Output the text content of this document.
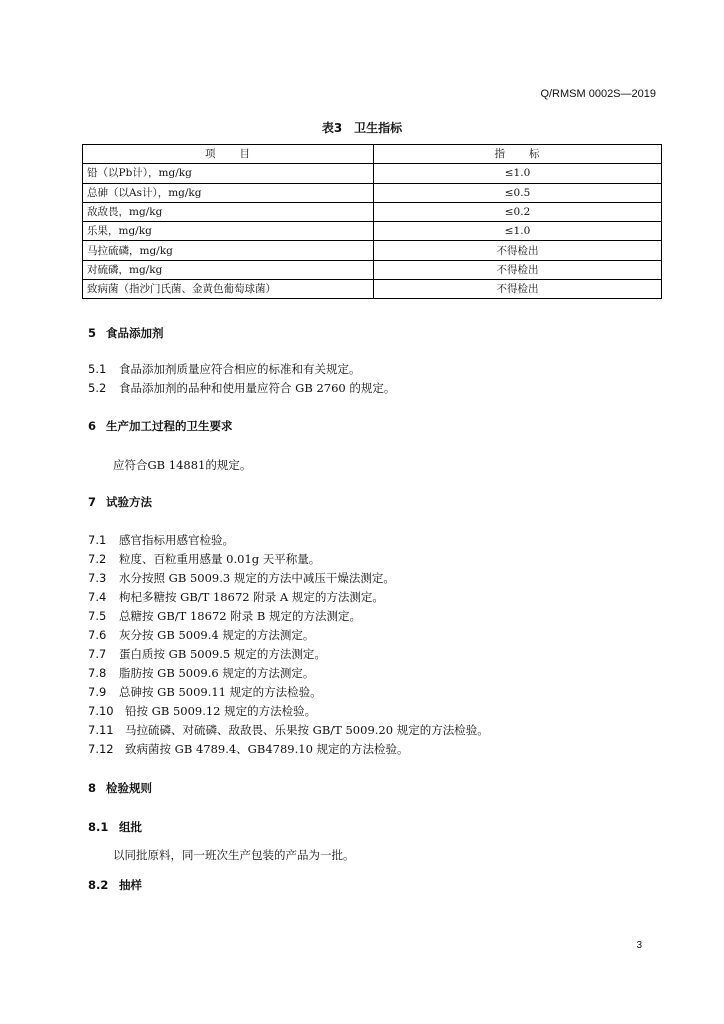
Q/RMSM 0002S—2019
表3　卫生指标
项　　目	指　　标
铅（以Pb计），mg/kg	≤1.0
总砷（以As计），mg/kg	≤0.5
敌敌畏，mg/kg	≤0.2
乐果，mg/kg	≤1.0
马拉硫磷，mg/kg	不得检出
对硫磷，mg/kg	不得检出
致病菌（指沙门氏菌、金黄色葡萄球菌）	不得检出
5 食品添加剂
5.1 食品添加剂质量应符合相应的标准和有关规定。
5.2 食品添加剂的品种和使用量应符合 GB 2760 的规定。
6 生产加工过程的卫生要求
应符合GB 14881的规定。
7 试验方法
7.1 感官指标用感官检验。
7.2 粒度、百粒重用感量 0.01g 天平称量。
7.3 水分按照 GB 5009.3 规定的方法中减压干燥法测定。
7.4 枸杞多糖按 GB/T 18672 附录 A 规定的方法测定。
7.5 总糖按 GB/T 18672 附录 B 规定的方法测定。
7.6 灰分按 GB 5009.4 规定的方法测定。
7.7 蛋白质按 GB 5009.5 规定的方法测定。
7.8 脂肪按 GB 5009.6 规定的方法测定。
7.9 总砷按 GB 5009.11 规定的方法检验。
7.10 铅按 GB 5009.12 规定的方法检验。
7.11 马拉硫磷、对硫磷、敌敌畏、乐果按 GB/T 5009.20 规定的方法检验。
7.12 致病菌按 GB 4789.4、GB4789.10 规定的方法检验。
8 检验规则
8.1 组批
以同批原料，同一班次生产包装的产品为一批。
8.2 抽样
3
